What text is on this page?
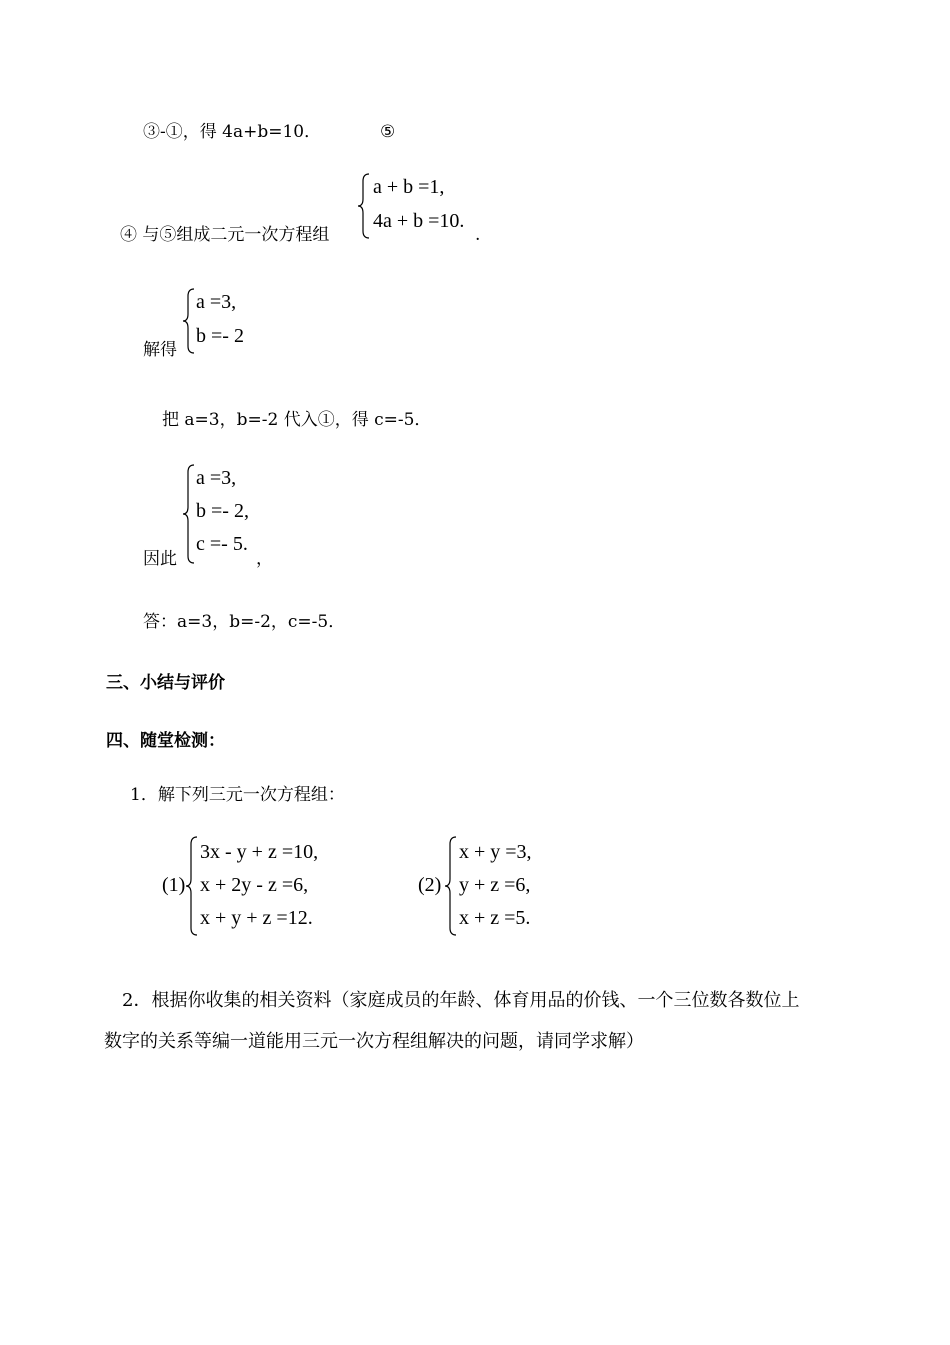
③-①，得 4a+b=10．	⑤
④ 与⑤组成二元一次方程组
a + b =1,
4a + b =10.
.
解得
a =3,
b =- 2
把 a=3，b=-2 代入①，得 c=-5．
因此
a =3,
b =- 2,
c =- 5.
，
答：a=3，b=-2，c=-5．
三、小结与评价
四、随堂检测：
1．解下列三元一次方程组：
(1)
3x - y + z =10,
x + 2y - z =6,
x + y + z =12.
(2)
x + y =3,
y + z =6,
x + z =5.
2．根据你收集的相关资料（家庭成员的年龄、体育用品的价钱、一个三位数各数位上
数字的关系等编一道能用三元一次方程组解决的问题，请同学求解）
